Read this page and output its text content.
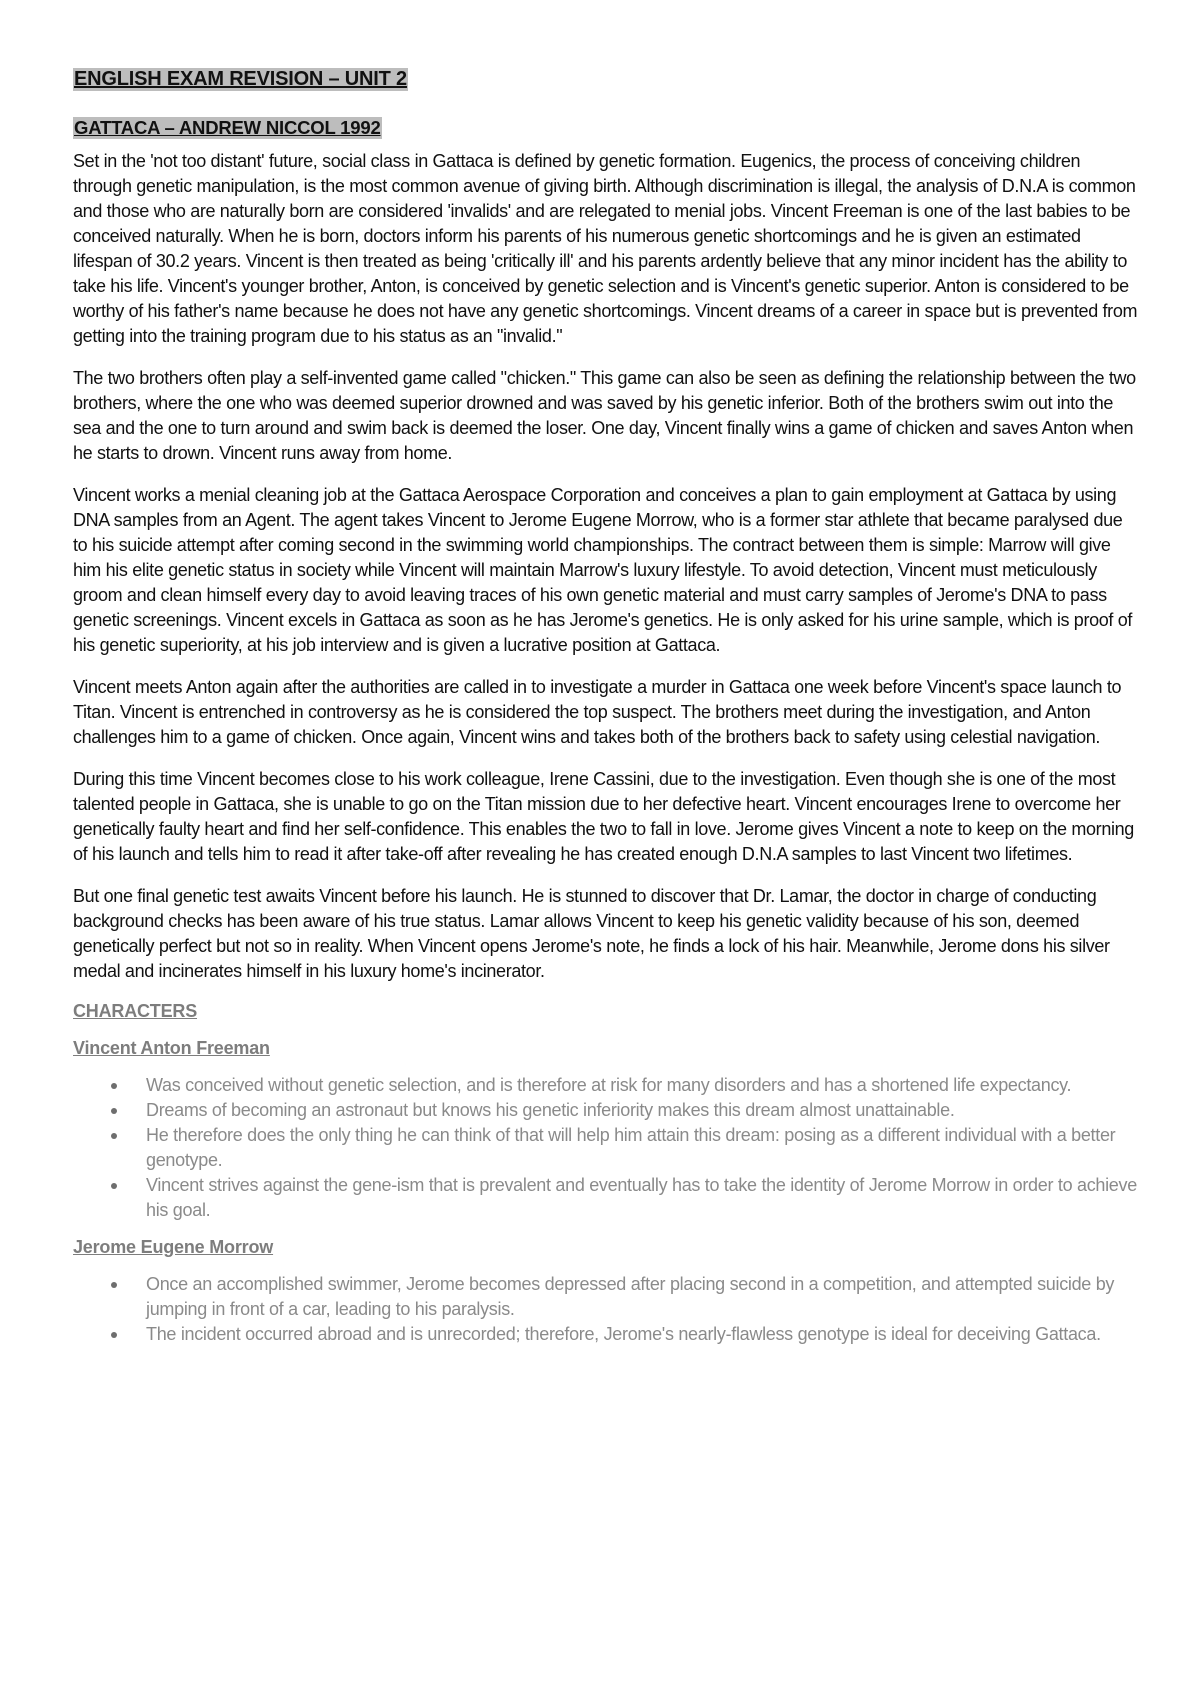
ENGLISH EXAM REVISION – UNIT 2
GATTACA – ANDREW NICCOL 1992

Set in the 'not too distant' future, social class in Gattaca is defined by genetic formation. Eugenics, the process of conceiving children through genetic manipulation, is the most common avenue of giving birth. Although discrimination is illegal, the analysis of D.N.A is common and those who are naturally born are considered 'invalids' and are relegated to menial jobs. Vincent Freeman is one of the last babies to be conceived naturally. When he is born, doctors inform his parents of his numerous genetic shortcomings and he is given an estimated lifespan of 30.2 years. Vincent is then treated as being 'critically ill' and his parents ardently believe that any minor incident has the ability to take his life. Vincent's younger brother, Anton, is conceived by genetic selection and is Vincent's genetic superior. Anton is considered to be worthy of his father's name because he does not have any genetic shortcomings. Vincent dreams of a career in space but is prevented from getting into the training program due to his status as an "invalid."

The two brothers often play a self-invented game called "chicken." This game can also be seen as defining the relationship between the two brothers, where the one who was deemed superior drowned and was saved by his genetic inferior. Both of the brothers swim out into the sea and the one to turn around and swim back is deemed the loser. One day, Vincent finally wins a game of chicken and saves Anton when he starts to drown. Vincent runs away from home.

Vincent works a menial cleaning job at the Gattaca Aerospace Corporation and conceives a plan to gain employment at Gattaca by using DNA samples from an Agent. The agent takes Vincent to Jerome Eugene Morrow, who is a former star athlete that became paralysed due to his suicide attempt after coming second in the swimming world championships. The contract between them is simple: Marrow will give him his elite genetic status in society while Vincent will maintain Marrow's luxury lifestyle. To avoid detection, Vincent must meticulously groom and clean himself every day to avoid leaving traces of his own genetic material and must carry samples of Jerome's DNA to pass genetic screenings. Vincent excels in Gattaca as soon as he has Jerome's genetics. He is only asked for his urine sample, which is proof of his genetic superiority, at his job interview and is given a lucrative position at Gattaca.

Vincent meets Anton again after the authorities are called in to investigate a murder in Gattaca one week before Vincent's space launch to Titan. Vincent is entrenched in controversy as he is considered the top suspect. The brothers meet during the investigation, and Anton challenges him to a game of chicken. Once again, Vincent wins and takes both of the brothers back to safety using celestial navigation.

During this time Vincent becomes close to his work colleague, Irene Cassini, due to the investigation. Even though she is one of the most talented people in Gattaca, she is unable to go on the Titan mission due to her defective heart. Vincent encourages Irene to overcome her genetically faulty heart and find her self-confidence. This enables the two to fall in love. Jerome gives Vincent a note to keep on the morning of his launch and tells him to read it after take-off after revealing he has created enough D.N.A samples to last Vincent two lifetimes.

But one final genetic test awaits Vincent before his launch. He is stunned to discover that Dr. Lamar, the doctor in charge of conducting background checks has been aware of his true status. Lamar allows Vincent to keep his genetic validity because of his son, deemed genetically perfect but not so in reality. When Vincent opens Jerome's note, he finds a lock of his hair. Meanwhile, Jerome dons his silver medal and incinerates himself in his luxury home's incinerator.

CHARACTERS
Vincent Anton Freeman
Was conceived without genetic selection, and is therefore at risk for many disorders and has a shortened life expectancy.
Dreams of becoming an astronaut but knows his genetic inferiority makes this dream almost unattainable.
He therefore does the only thing he can think of that will help him attain this dream: posing as a different individual with a better genotype.
Vincent strives against the gene-ism that is prevalent and eventually has to take the identity of Jerome Morrow in order to achieve his goal.
Jerome Eugene Morrow
Once an accomplished swimmer, Jerome becomes depressed after placing second in a competition, and attempted suicide by jumping in front of a car, leading to his paralysis.
The incident occurred abroad and is unrecorded; therefore, Jerome's nearly-flawless genotype is ideal for deceiving Gattaca.
